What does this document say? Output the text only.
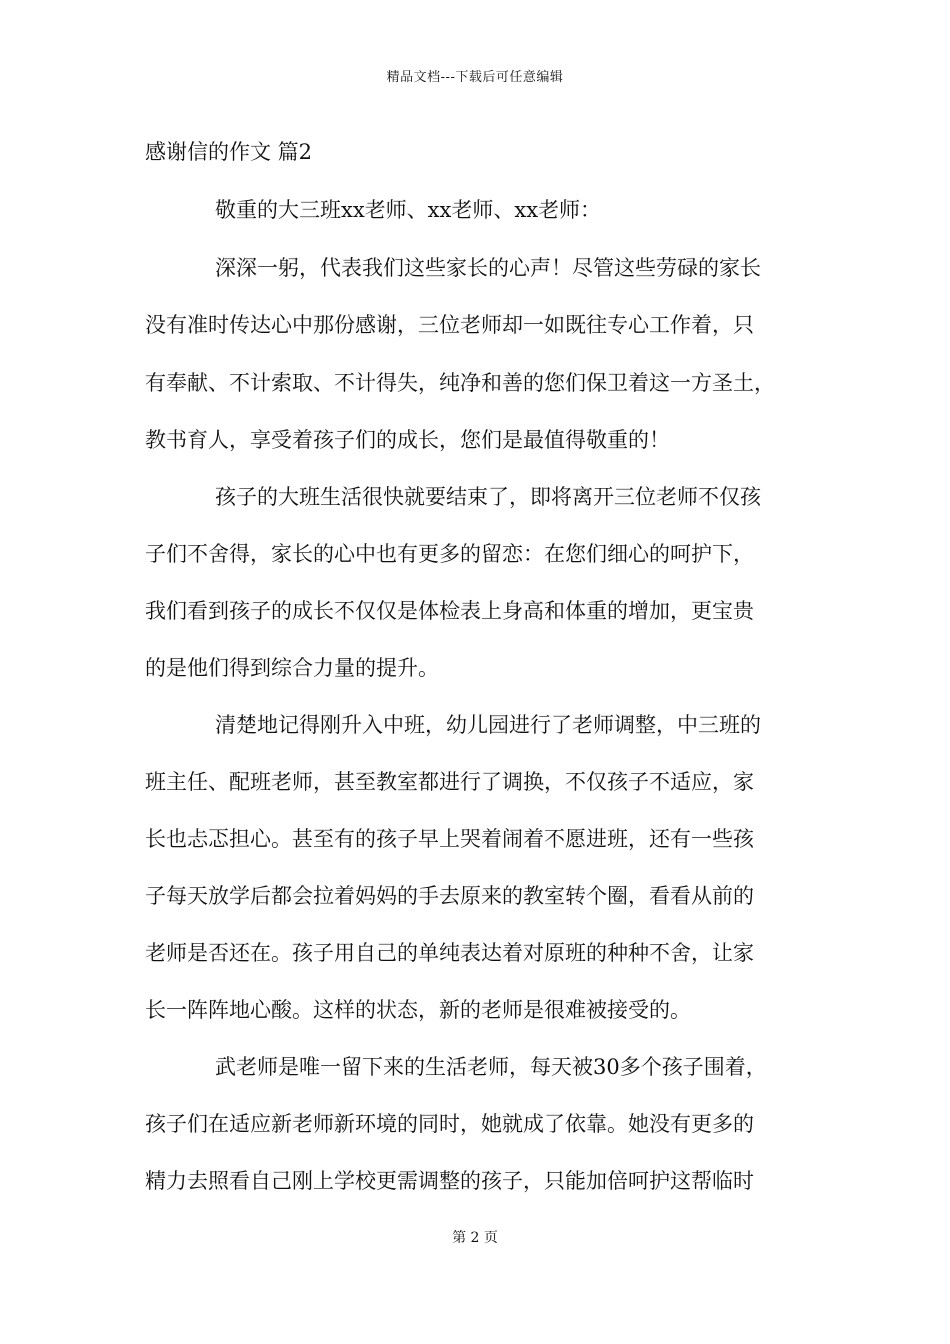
精品文档---下载后可任意编辑
感谢信的作文 篇2
敬重的大三班xx老师、xx老师、xx老师：
深深一躬，代表我们这些家长的心声！尽管这些劳碌的家长
没有准时传达心中那份感谢，三位老师却一如既往专心工作着，只
有奉献、不计索取、不计得失，纯净和善的您们保卫着这一方圣土，
教书育人，享受着孩子们的成长，您们是最值得敬重的！
孩子的大班生活很快就要结束了，即将离开三位老师不仅孩
子们不舍得，家长的心中也有更多的留恋：在您们细心的呵护下，
我们看到孩子的成长不仅仅是体检表上身高和体重的增加，更宝贵
的是他们得到综合力量的提升。
清楚地记得刚升入中班，幼儿园进行了老师调整，中三班的
班主任、配班老师，甚至教室都进行了调换，不仅孩子不适应，家
长也忐忑担心。甚至有的孩子早上哭着闹着不愿进班，还有一些孩
子每天放学后都会拉着妈妈的手去原来的教室转个圈，看看从前的
老师是否还在。孩子用自己的单纯表达着对原班的种种不舍，让家
长一阵阵地心酸。这样的状态，新的老师是很难被接受的。
武老师是唯一留下来的生活老师，每天被30多个孩子围着，
孩子们在适应新老师新环境的同时，她就成了依靠。她没有更多的
精力去照看自己刚上学校更需调整的孩子，只能加倍呵护这帮临时
第 2 页
